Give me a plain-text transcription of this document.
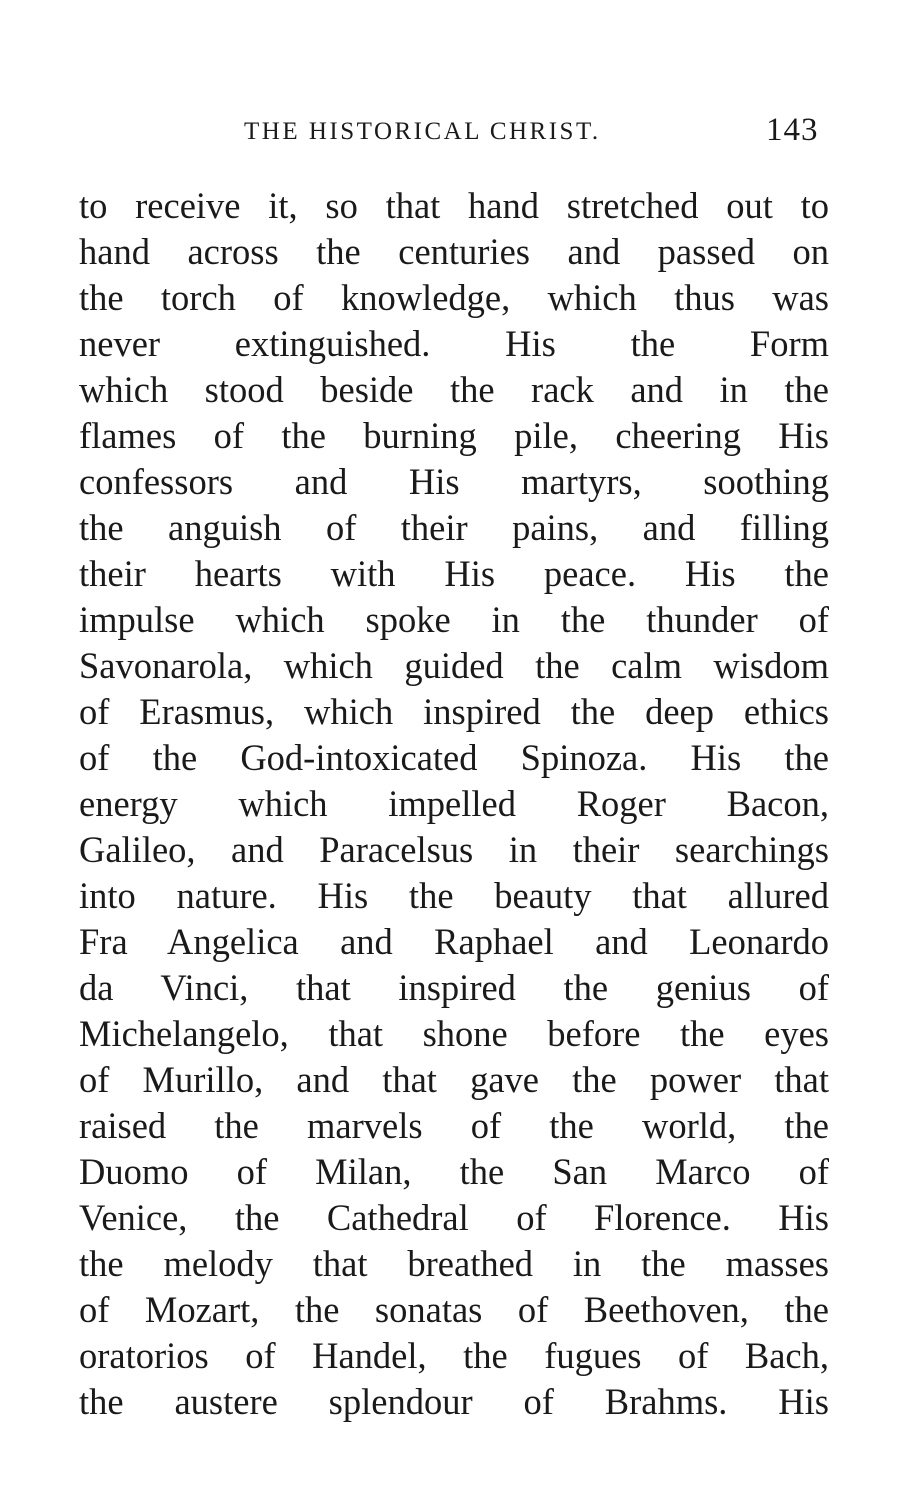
THE HISTORICAL CHRIST.	143
to receive it, so that hand stretched out to
hand across the centuries and passed on
the torch of knowledge, which thus was
never extinguished. His the Form
which stood beside the rack and in the
flames of the burning pile, cheering His
confessors and His martyrs, soothing
the anguish of their pains, and filling
their hearts with His peace. His the
impulse which spoke in the thunder of
Savonarola, which guided the calm wisdom
of Erasmus, which inspired the deep ethics
of the God-intoxicated Spinoza. His the
energy which impelled Roger Bacon,
Galileo, and Paracelsus in their searchings
into nature. His the beauty that allured
Fra Angelica and Raphael and Leonardo
da Vinci, that inspired the genius of
Michelangelo, that shone before the eyes
of Murillo, and that gave the power that
raised the marvels of the world, the
Duomo of Milan, the San Marco of
Venice, the Cathedral of Florence. His
the melody that breathed in the masses
of Mozart, the sonatas of Beethoven, the
oratorios of Handel, the fugues of Bach,
the austere splendour of Brahms. His
